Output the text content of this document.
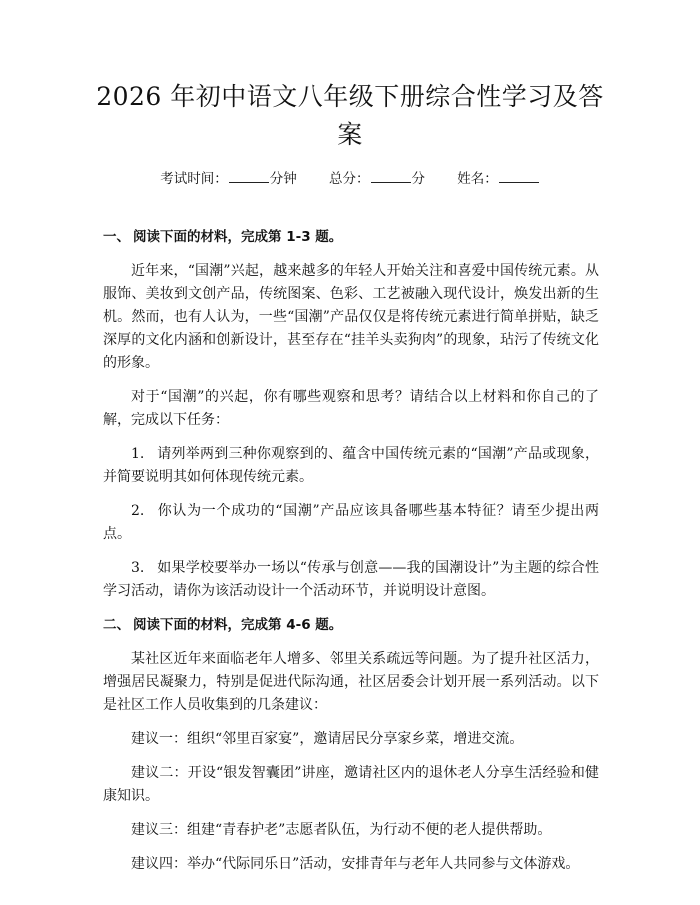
2026 年初中语文八年级下册综合性学习及答案
考试时间：	分钟 总分：	分 姓名：
一、 阅读下面的材料，完成第 1-3 题。

近年来，“国潮”兴起，越来越多的年轻人开始关注和喜爱中国传统元素。从服饰、美妆到文创产品，传统图案、色彩、工艺被融入现代设计，焕发出新的生机。然而，也有人认为，一些“国潮”产品仅仅是将传统元素进行简单拼贴，缺乏深厚的文化内涵和创新设计，甚至存在“挂羊头卖狗肉”的现象，玷污了传统文化的形象。

对于“国潮”的兴起，你有哪些观察和思考？请结合以上材料和你自己的了解，完成以下任务：

1. 请列举两到三种你观察到的、蕴含中国传统元素的“国潮”产品或现象，并简要说明其如何体现传统元素。

2. 你认为一个成功的“国潮”产品应该具备哪些基本特征？请至少提出两点。

3. 如果学校要举办一场以“传承与创意——我的国潮设计”为主题的综合性学习活动，请你为该活动设计一个活动环节，并说明设计意图。

二、 阅读下面的材料，完成第 4-6 题。

某社区近年来面临老年人增多、邻里关系疏远等问题。为了提升社区活力，增强居民凝聚力，特别是促进代际沟通，社区居委会计划开展一系列活动。以下是社区工作人员收集到的几条建议：

建议一：组织“邻里百家宴”，邀请居民分享家乡菜，增进交流。

建议二：开设“银发智囊团”讲座，邀请社区内的退休老人分享生活经验和健康知识。

建议三：组建“青春护老”志愿者队伍，为行动不便的老人提供帮助。

建议四：举办“代际同乐日”活动，安排青年与老年人共同参与文体游戏。
